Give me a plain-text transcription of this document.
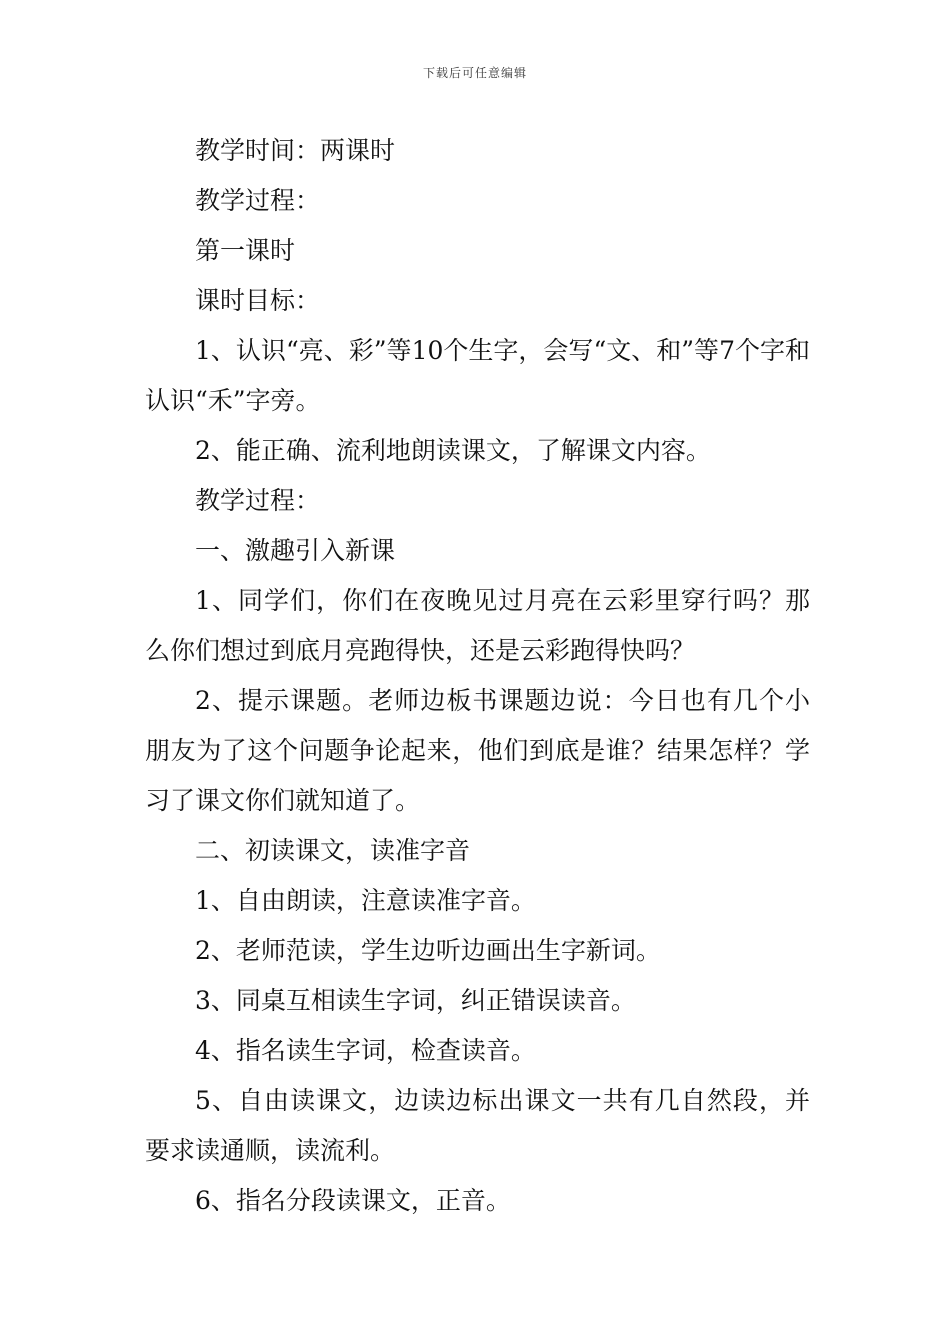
下载后可任意编辑

教学时间：两课时

教学过程：

第一课时

课时目标：

1、认识“亮、彩”等10个生字，会写“文、和”等7个字和认识“禾”字旁。

2、能正确、流利地朗读课文，了解课文内容。

教学过程：

一、激趣引入新课

1、同学们，你们在夜晚见过月亮在云彩里穿行吗？那么你们想过到底月亮跑得快，还是云彩跑得快吗？

2、提示课题。老师边板书课题边说：今日也有几个小朋友为了这个问题争论起来，他们到底是谁？结果怎样？学习了课文你们就知道了。

二、初读课文，读准字音

1、自由朗读，注意读准字音。

2、老师范读，学生边听边画出生字新词。

3、同桌互相读生字词，纠正错误读音。

4、指名读生字词，检查读音。

5、自由读课文，边读边标出课文一共有几自然段，并要求读通顺，读流利。

6、指名分段读课文，正音。
